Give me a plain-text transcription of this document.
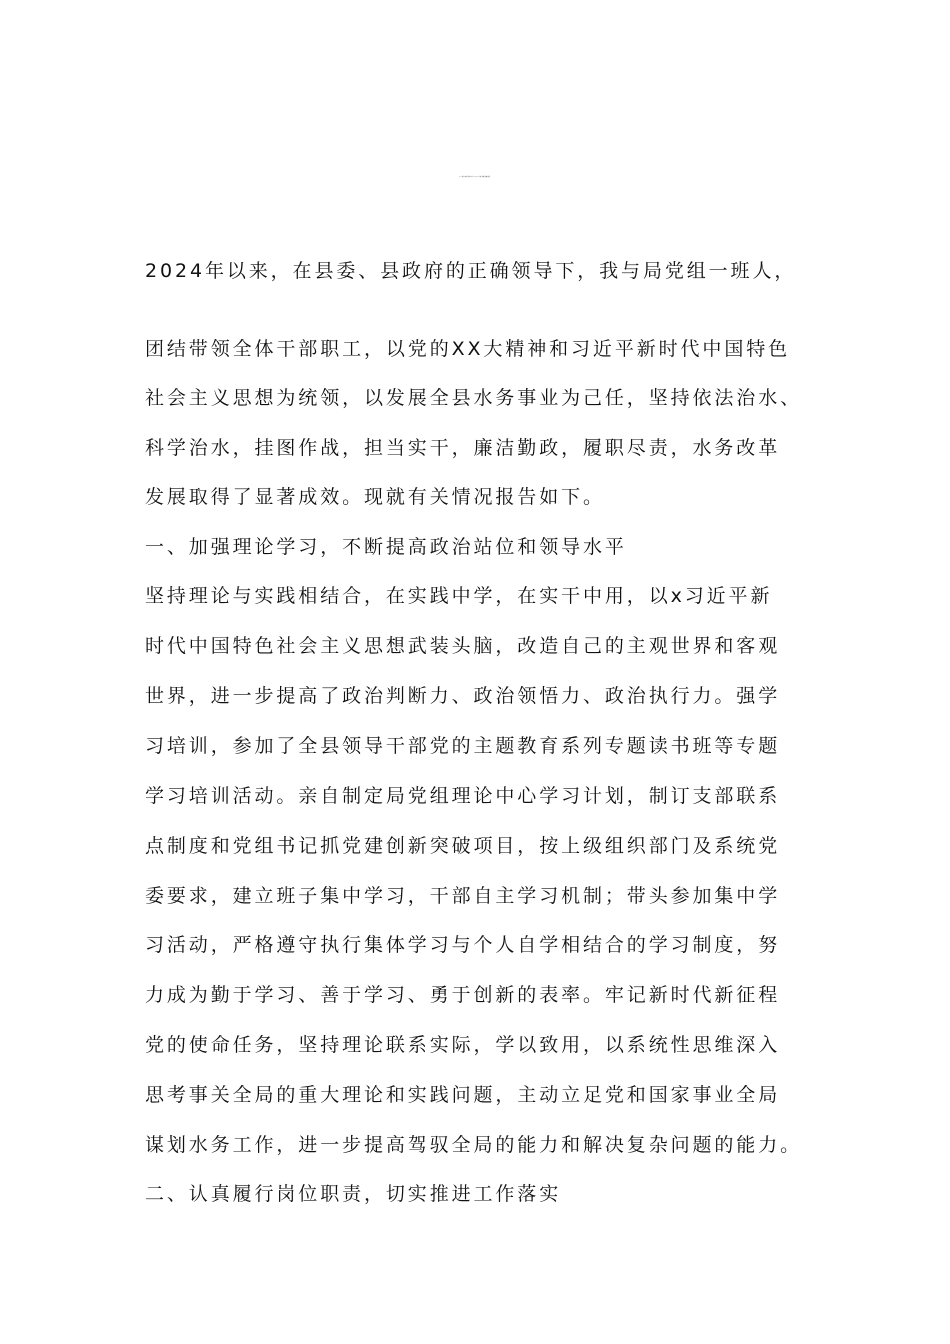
XX县水务局党组书记2024年度述职述廉报告
2024年以来，在县委、县政府的正确领导下，我与局党组一班人，
团结带领全体干部职工，以党的XX大精神和习近平新时代中国特色
社会主义思想为统领，以发展全县水务事业为己任，坚持依法治水、
科学治水，挂图作战，担当实干，廉洁勤政，履职尽责，水务改革
发展取得了显著成效。现就有关情况报告如下。
一、加强理论学习，不断提高政治站位和领导水平
坚持理论与实践相结合，在实践中学，在实干中用，以x习近平新
时代中国特色社会主义思想武装头脑，改造自己的主观世界和客观
世界，进一步提高了政治判断力、政治领悟力、政治执行力。强学
习培训，参加了全县领导干部党的主题教育系列专题读书班等专题
学习培训活动。亲自制定局党组理论中心学习计划，制订支部联系
点制度和党组书记抓党建创新突破项目，按上级组织部门及系统党
委要求，建立班子集中学习，干部自主学习机制；带头参加集中学
习活动，严格遵守执行集体学习与个人自学相结合的学习制度，努
力成为勤于学习、善于学习、勇于创新的表率。牢记新时代新征程
党的使命任务，坚持理论联系实际，学以致用，以系统性思维深入
思考事关全局的重大理论和实践问题，主动立足党和国家事业全局
谋划水务工作，进一步提高驾驭全局的能力和解决复杂问题的能力。
二、认真履行岗位职责，切实推进工作落实
